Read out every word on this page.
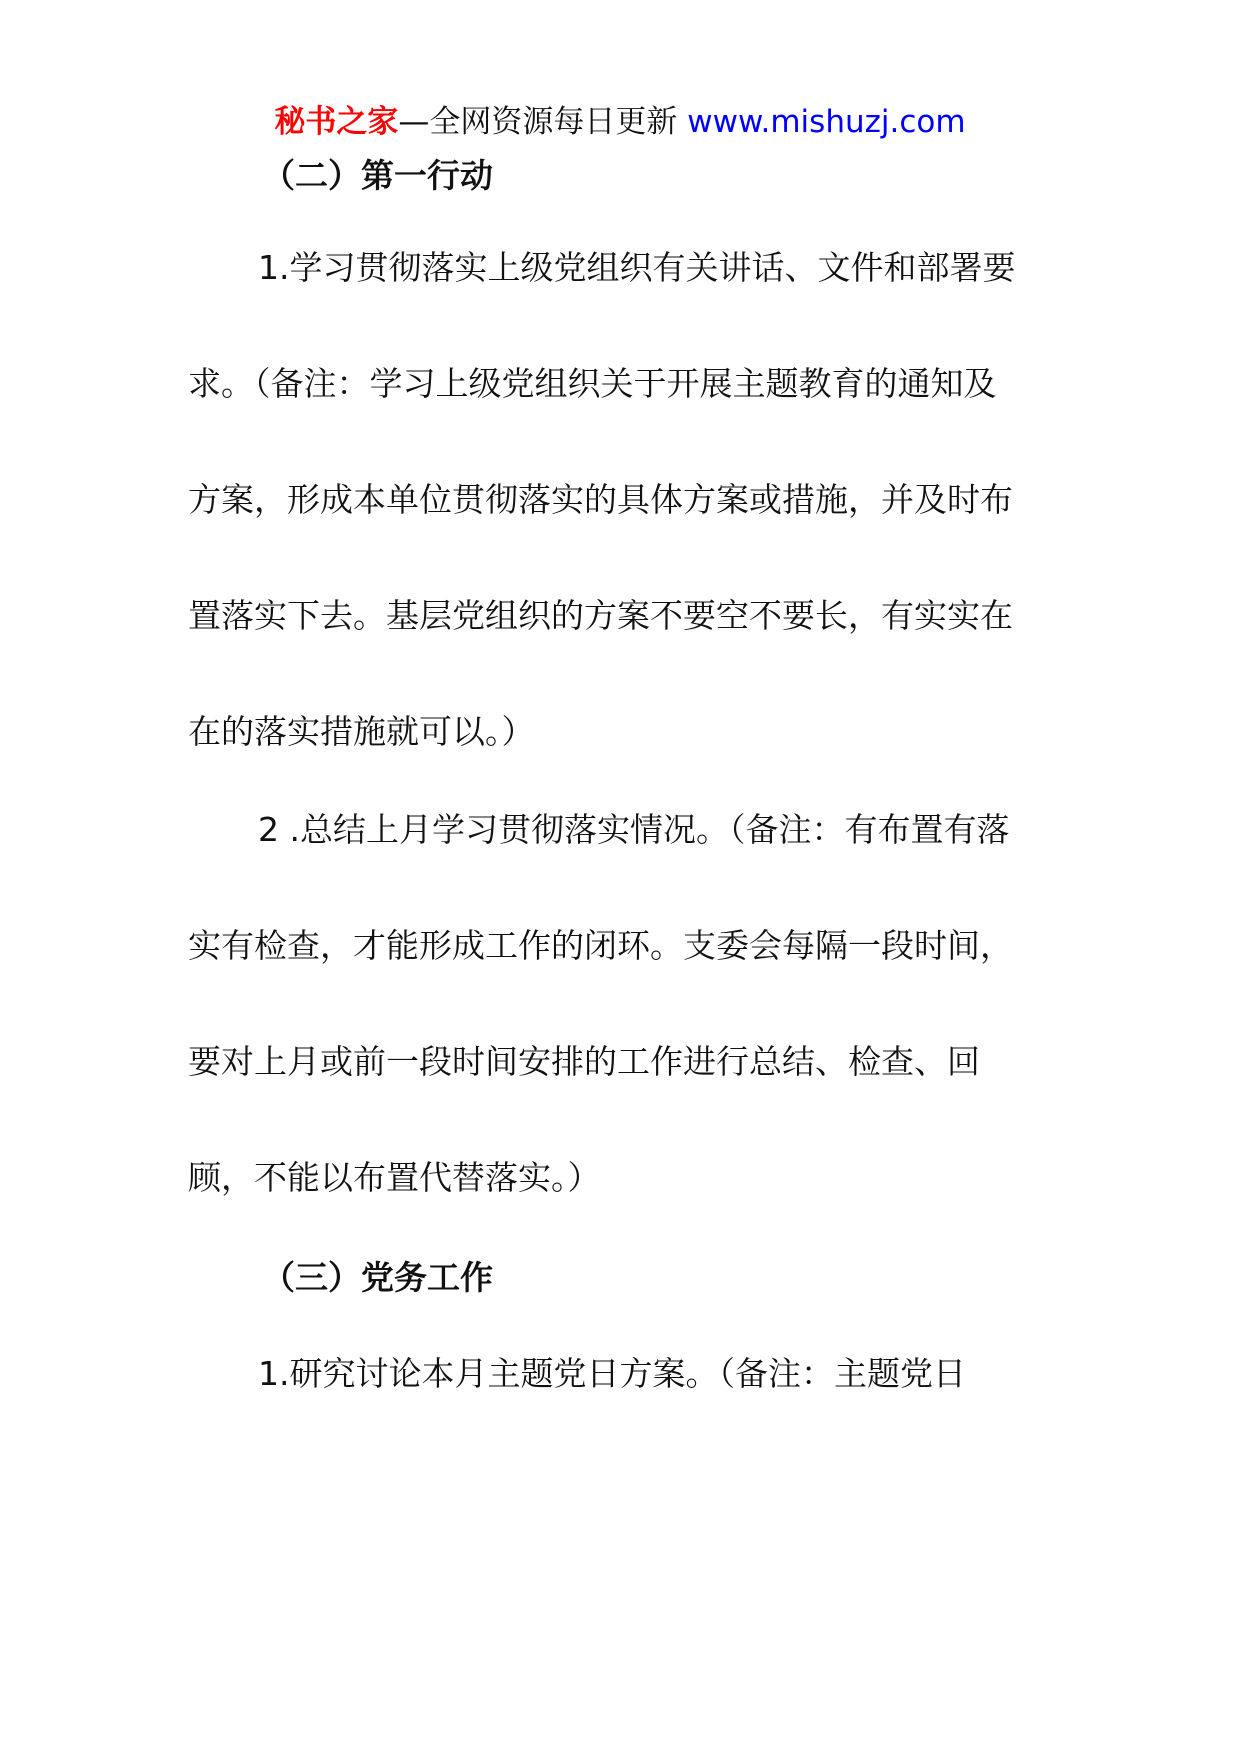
秘书之家—全网资源每日更新 www.mishuzj.com
（二）第一行动
1.学习贯彻落实上级党组织有关讲话、文件和部署要
求。（备注：学习上级党组织关于开展主题教育的通知及
方案，形成本单位贯彻落实的具体方案或措施，并及时布
置落实下去。基层党组织的方案不要空不要长，有实实在
在的落实措施就可以。）
2 .总结上月学习贯彻落实情况。（备注：有布置有落
实有检查，才能形成工作的闭环。支委会每隔一段时间，
要对上月或前一段时间安排的工作进行总结、检查、回
顾，不能以布置代替落实。）
（三）党务工作
1.研究讨论本月主题党日方案。（备注：主题党日
